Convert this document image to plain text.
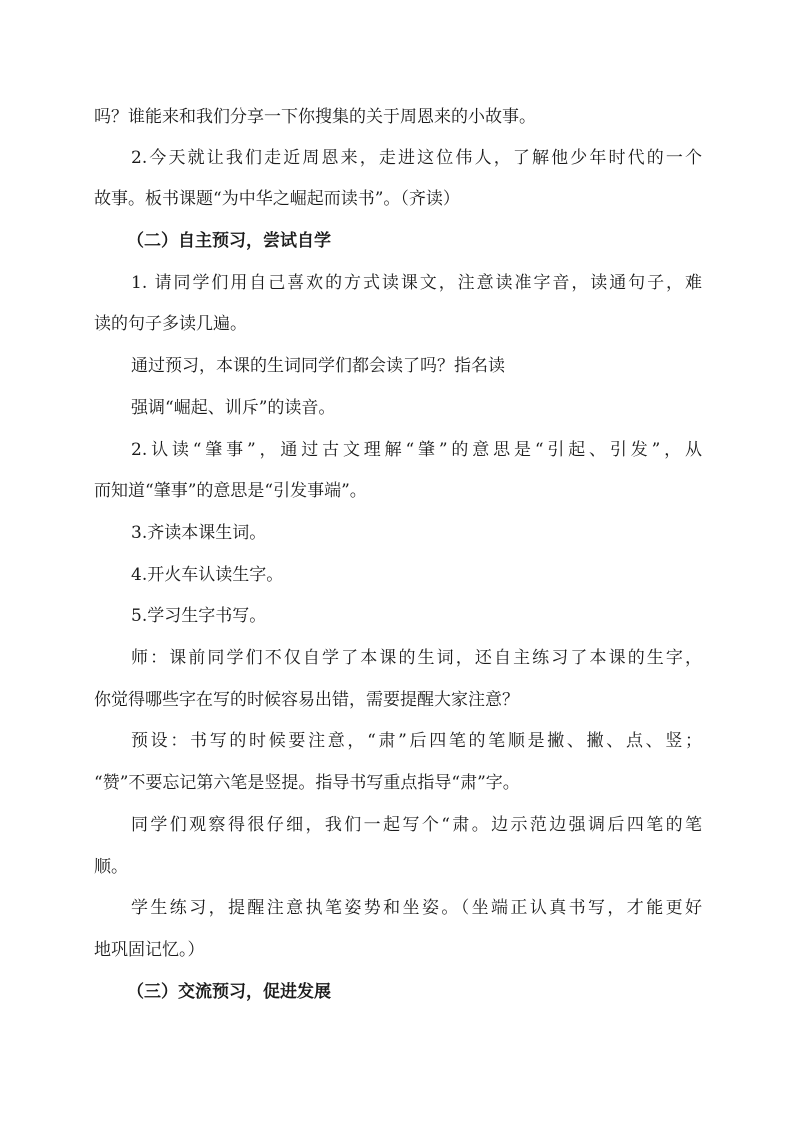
吗？谁能来和我们分享一下你搜集的关于周恩来的小故事。
2.今天就让我们走近周恩来，走进这位伟人，了解他少年时代的一个
故事。板书课题“为中华之崛起而读书”。（齐读）
（二）自主预习，尝试自学
1. 请同学们用自己喜欢的方式读课文，注意读准字音，读通句子，难
读的句子多读几遍。
通过预习，本课的生词同学们都会读了吗？指名读
强调“崛起、训斥”的读音。
2.认读“肇事”，通过古文理解“肇”的意思是“引起、引发”，从
而知道“肇事”的意思是“引发事端”。
3.齐读本课生词。
4.开火车认读生字。
5.学习生字书写。
师：课前同学们不仅自学了本课的生词，还自主练习了本课的生字，
你觉得哪些字在写的时候容易出错，需要提醒大家注意？
预设：书写的时候要注意，“肃”后四笔的笔顺是撇、撇、点、竖；
“赞”不要忘记第六笔是竖提。指导书写重点指导“肃”字。
同学们观察得很仔细，我们一起写个“肃。边示范边强调后四笔的笔
顺。
学生练习，提醒注意执笔姿势和坐姿。（坐端正认真书写，才能更好
地巩固记忆。）
（三）交流预习，促进发展
